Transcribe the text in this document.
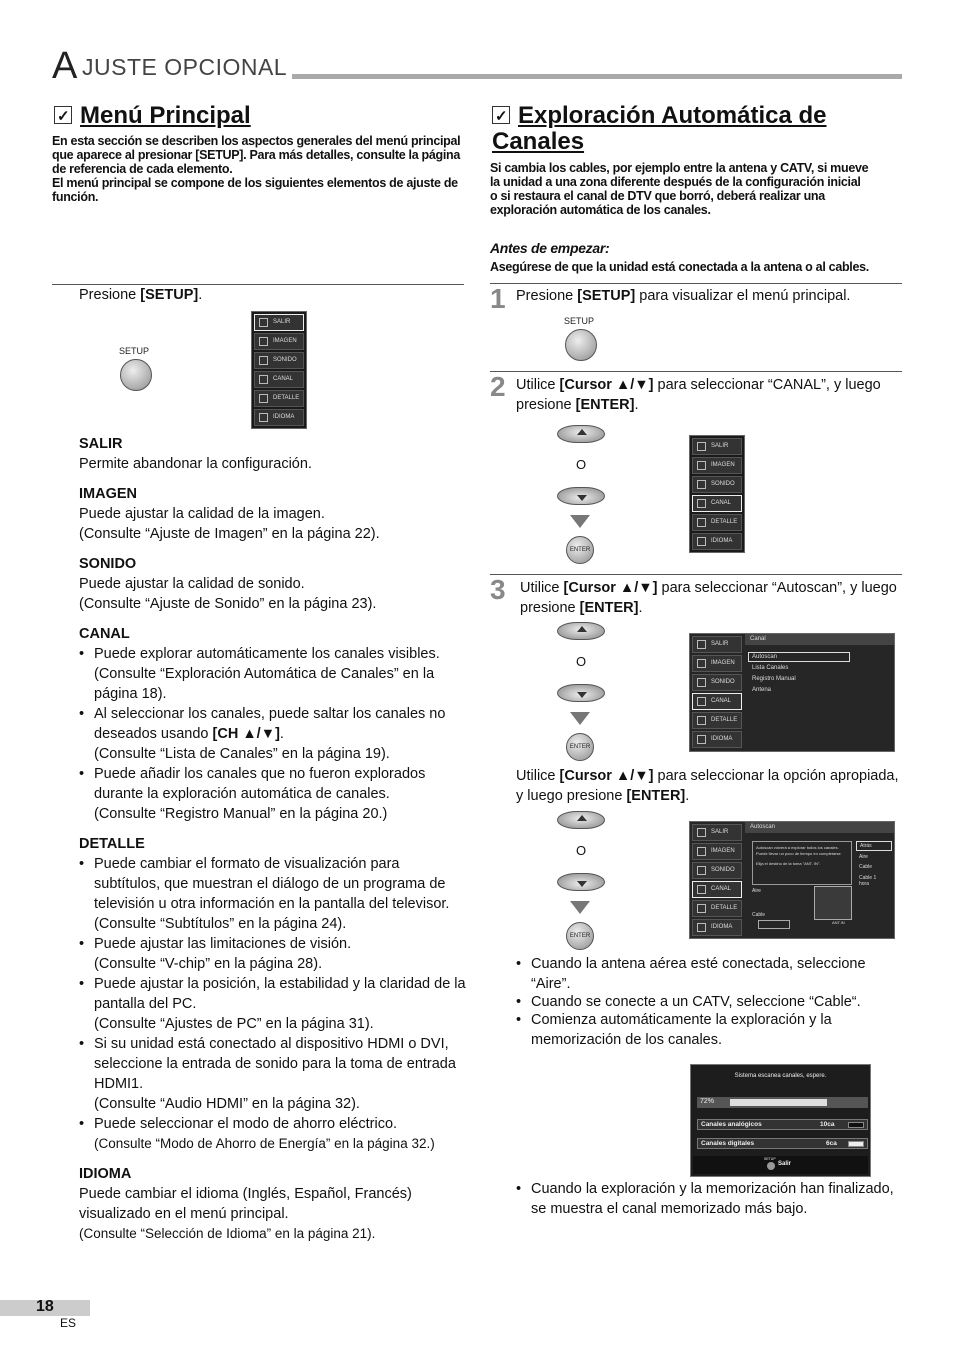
A JUSTE OPCIONAL
✓Menú Principal
En esta sección se describen los aspectos generales del menú principal que aparece al presionar [SETUP]. Para más detalles, consulte la página de referencia de cada elemento.
El menú principal se compone de los siguientes elementos de ajuste de función.
Presione [SETUP].
SETUP
SALIR
IMAGEN
SONIDO
CANAL
DETALLE
IDIOMA
SALIR
Permite abandonar la configuración.
IMAGEN
Puede ajustar la calidad de la imagen.
(Consulte “Ajuste de Imagen” en la página 22).
SONIDO
Puede ajustar la calidad de sonido.
(Consulte “Ajuste de Sonido” en la página 23).
CANAL
• Puede explorar automáticamente los canales visibles. (Consulte “Exploración Automática de Canales” en la página 18).
• Al seleccionar los canales, puede saltar los canales no deseados usando [CH ▲/▼].
(Consulte “Lista de Canales” en la página 19).
• Puede añadir los canales que no fueron explorados durante la exploración automática de canales.
(Consulte “Registro Manual” en la página 20.)
DETALLE
• Puede cambiar el formato de visualización para subtítulos, que muestran el diálogo de un programa de televisión u otra información en la pantalla del televisor.
(Consulte “Subtítulos” en la página 24).
• Puede ajustar las limitaciones de visión.
(Consulte “V-chip” en la página 28).
• Puede ajustar la posición, la estabilidad y la claridad de la pantalla del PC.
(Consulte “Ajustes de PC” en la página 31).
• Si su unidad está conectado al dispositivo HDMI o DVI, seleccione la entrada de sonido para la toma de entrada HDMI1.
(Consulte “Audio HDMI” en la página 32).
• Puede seleccionar el modo de ahorro eléctrico.
(Consulte “Modo de Ahorro de Energía” en la página 32.)
IDIOMA
Puede cambiar el idioma (Inglés, Español, Francés) visualizado en el menú principal.
(Consulte “Selección de Idioma” en la página 21).
✓Exploración Automática de
Canales
Si cambia los cables, por ejemplo entre la antena y CATV, si mueve la unidad a una zona diferente después de la configuración inicial o si restaura el canal de DTV que borró, deberá realizar una exploración automática de los canales.
Antes de empezar:
Asegúrese de que la unidad está conectada a la antena o al cables.
1 Presione [SETUP] para visualizar el menú principal.
SETUP
2 Utilice [Cursor ▲/▼] para seleccionar “CANAL”, y luego presione [ENTER].
O
ENTER
SALIR
IMAGEN
SONIDO
CANAL
DETALLE
IDIOMA
3 Utilice [Cursor ▲/▼] para seleccionar “Autoscan”, y luego presione [ENTER].
O
ENTER
SALIR
IMAGEN
SONIDO
CANAL
DETALLE
IDIOMA
Canal
Autoscan
Lista Canales
Registro Manual
Antena
Utilice [Cursor ▲/▼] para seleccionar la opción apropiada, y luego presione [ENTER].
O
ENTER
SALIR
IMAGEN
SONIDO
CANAL
DETALLE
IDIOMA
Autoscan
Autoscan volverá a explorar todos los canales. Puede llevar un poco de tiempo en completarse
Elija el destino de la toma "ANT. IN".
Atrás
Aire
Cable
Cable 1 hora
Aire
Cable
ANT.IN
• Cuando la antena aérea esté conectada, seleccione “Aire”.
• Cuando se conecte a un CATV, seleccione “Cable“.
• Comienza automáticamente la exploración y la memorización de los canales.
Sistema escanea canales, espere.
72%
Canales analógicos	10ca
Canales digitales	6ca
SETUP
Salir
• Cuando la exploración y la memorización han finalizado, se muestra el canal memorizado más bajo.
18
ES
